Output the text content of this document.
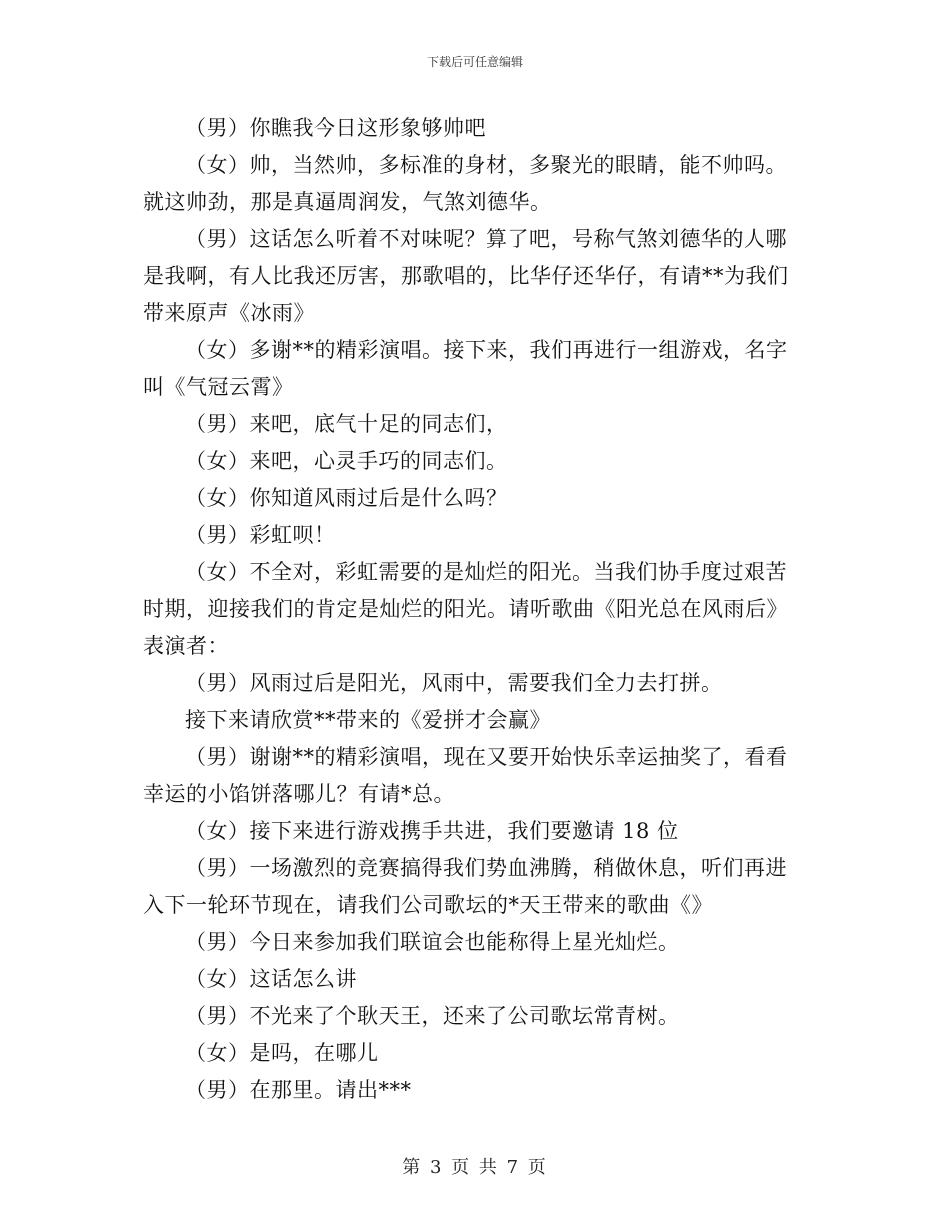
下载后可任意编辑

（男）你瞧我今日这形象够帅吧

（女）帅，当然帅，多标准的身材，多聚光的眼睛，能不帅吗。就这帅劲，那是真逼周润发，气煞刘德华。

（男）这话怎么听着不对味呢？算了吧，号称气煞刘德华的人哪是我啊，有人比我还厉害，那歌唱的，比华仔还华仔，有请**为我们带来原声《冰雨》

（女）多谢**的精彩演唱。接下来，我们再进行一组游戏，名字叫《气冠云霄》

（男）来吧，底气十足的同志们，

（女）来吧，心灵手巧的同志们。

（女）你知道风雨过后是什么吗？

（男）彩虹呗！

（女）不全对，彩虹需要的是灿烂的阳光。当我们协手度过艰苦时期，迎接我们的肯定是灿烂的阳光。请听歌曲《阳光总在风雨后》表演者：

（男）风雨过后是阳光，风雨中，需要我们全力去打拼。

接下来请欣赏**带来的《爱拼才会赢》

（男）谢谢**的精彩演唱，现在又要开始快乐幸运抽奖了，看看幸运的小馅饼落哪儿？有请*总。

（女）接下来进行游戏携手共进，我们要邀请 18 位

（男）一场激烈的竞赛搞得我们势血沸腾，稍做休息，听们再进入下一轮环节现在，请我们公司歌坛的*天王带来的歌曲《》

（男）今日来参加我们联谊会也能称得上星光灿烂。

（女）这话怎么讲

（男）不光来了个耿天王，还来了公司歌坛常青树。

（女）是吗，在哪儿

（男）在那里。请出***

第 3 页 共 7 页
